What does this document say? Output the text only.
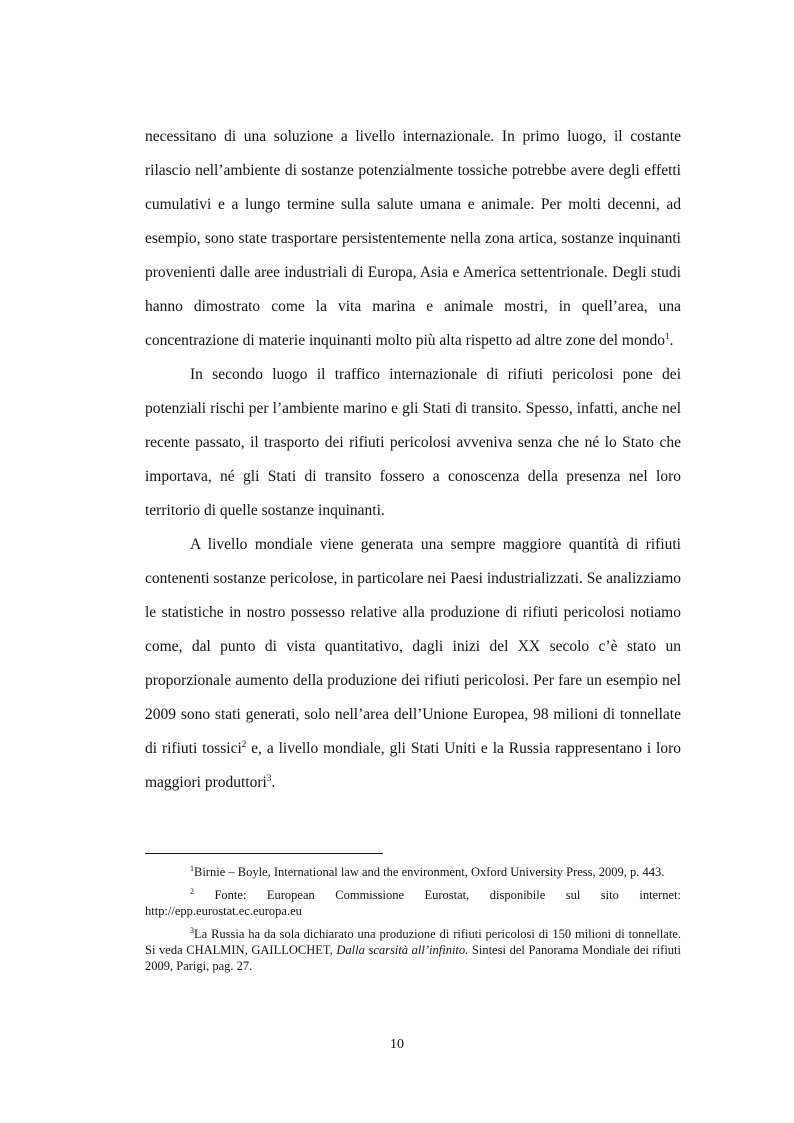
necessitano di una soluzione a livello internazionale. In primo luogo, il costante rilascio nell’ambiente di sostanze potenzialmente tossiche potrebbe avere degli effetti cumulativi e a lungo termine sulla salute umana e animale. Per molti decenni, ad esempio, sono state trasportare persistentemente nella zona artica, sostanze inquinanti provenienti dalle aree industriali di Europa, Asia e America settentrionale. Degli studi hanno dimostrato come la vita marina e animale mostri, in quell’area, una concentrazione di materie inquinanti molto più alta rispetto ad altre zone del mondo$^1$.

In secondo luogo il traffico internazionale di rifiuti pericolosi pone dei potenziali rischi per l’ambiente marino e gli Stati di transito. Spesso, infatti, anche nel recente passato, il trasporto dei rifiuti pericolosi avveniva senza che né lo Stato che importava, né gli Stati di transito fossero a conoscenza della presenza nel loro territorio di quelle sostanze inquinanti.

A livello mondiale viene generata una sempre maggiore quantità di rifiuti contenenti sostanze pericolose, in particolare nei Paesi industrializzati. Se analizziamo le statistiche in nostro possesso relative alla produzione di rifiuti pericolosi notiamo come, dal punto di vista quantitativo, dagli inizi del XX secolo c’è stato un proporzionale aumento della produzione dei rifiuti pericolosi. Per fare un esempio nel 2009 sono stati generati, solo nell’area dell’Unione Europea, 98 milioni di tonnellate di rifiuti tossici$^2$ e, a livello mondiale, gli Stati Uniti e la Russia rappresentano i loro maggiori produttori$^3$.

$^1$Birnie – Boyle, International law and the environment, Oxford University Press, 2009, p. 443.

$^2$ Fonte: European Commissione Eurostat, disponibile sul sito internet: http://epp.eurostat.ec.europa.eu

$^3$La Russia ha da sola dichiarato una produzione di rifiuti pericolosi di 150 milioni di tonnellate. Si veda CHALMIN, GAILLOCHET, Dalla scarsità all’infinito. Sintesi del Panorama Mondiale dei rifiuti 2009, Parigi, pag. 27.

10
